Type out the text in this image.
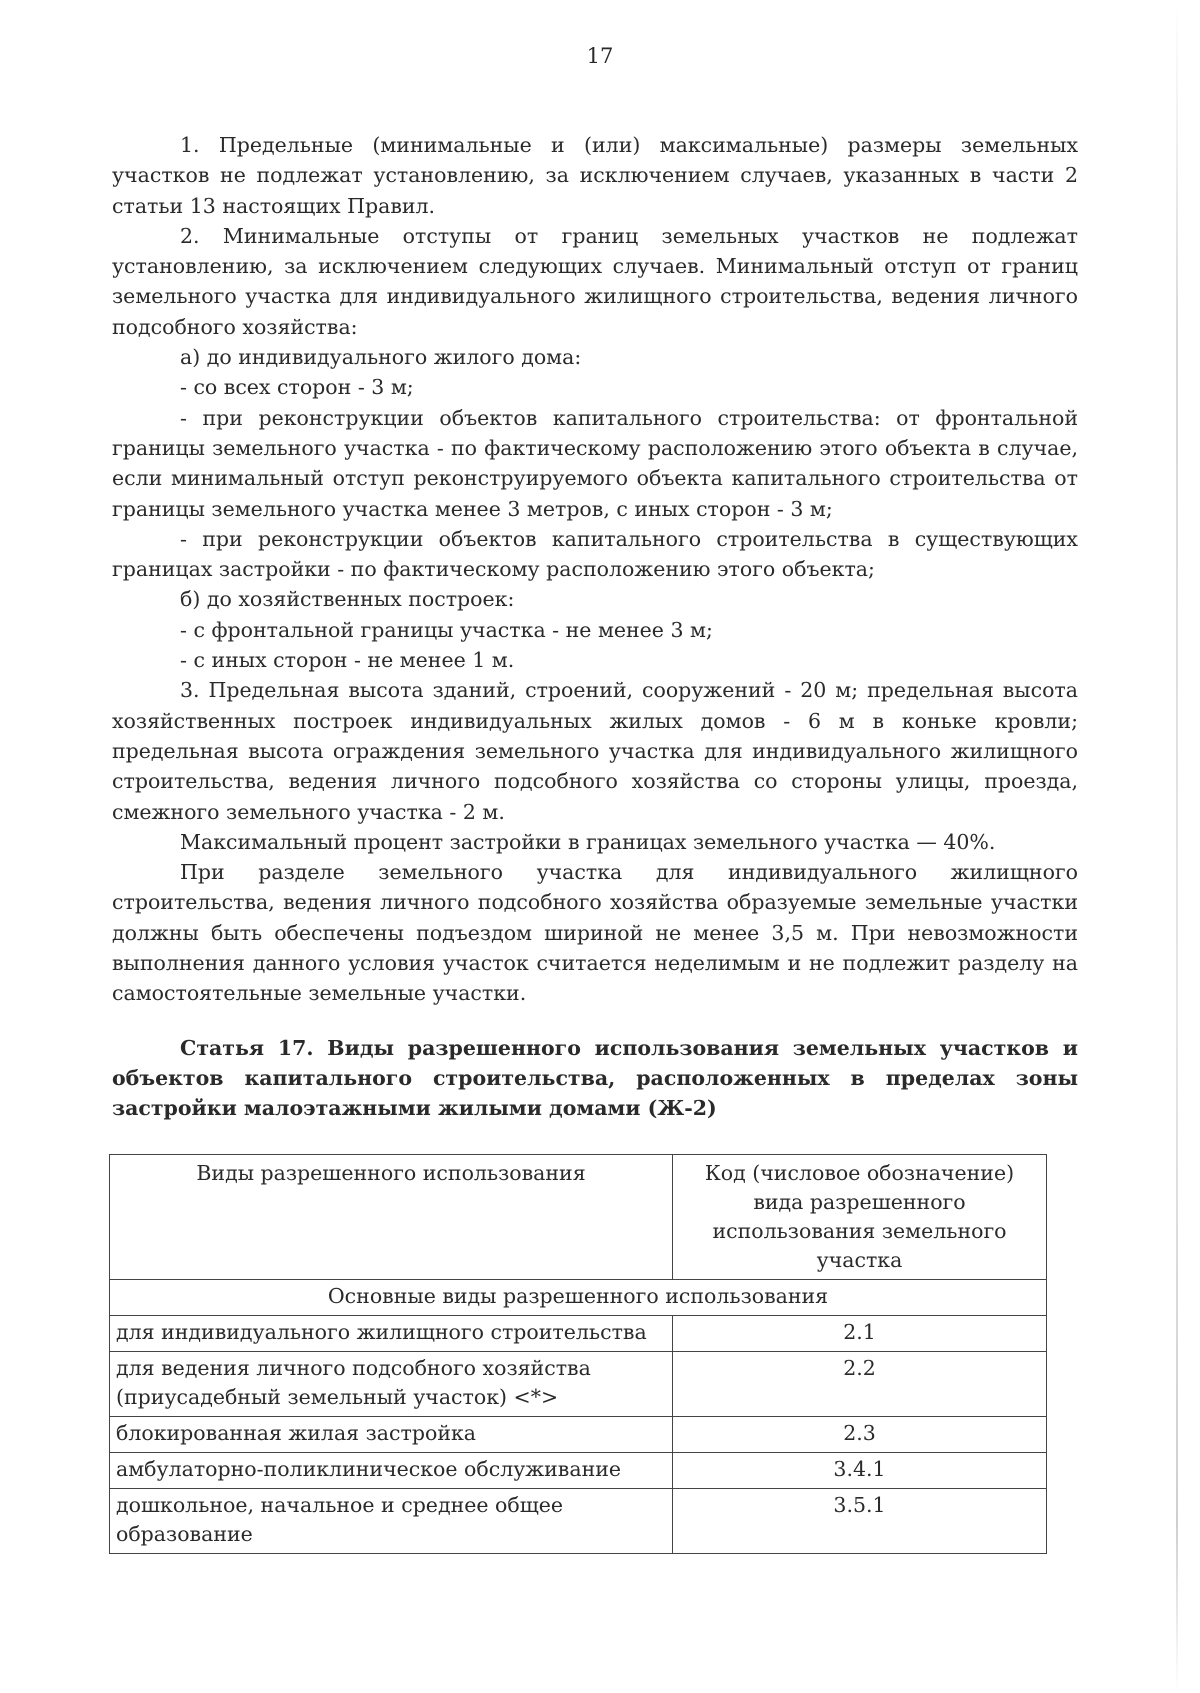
17

1. Предельные (минимальные и (или) максимальные) размеры земельных участков не подлежат установлению, за исключением случаев, указанных в части 2 статьи 13 настоящих Правил.

2. Минимальные отступы от границ земельных участков не подлежат установлению, за исключением следующих случаев. Минимальный отступ от границ земельного участка для индивидуального жилищного строительства, ведения личного подсобного хозяйства:

а) до индивидуального жилого дома:

- со всех сторон - 3 м;

- при реконструкции объектов капитального строительства: от фронтальной границы земельного участка - по фактическому расположению этого объекта в случае, если минимальный отступ реконструируемого объекта капитального строительства от границы земельного участка менее 3 метров, с иных сторон - 3 м;

- при реконструкции объектов капитального строительства в существующих границах застройки - по фактическому расположению этого объекта;

б) до хозяйственных построек:

- с фронтальной границы участка - не менее 3 м;

- с иных сторон - не менее 1 м.

3. Предельная высота зданий, строений, сооружений - 20 м; предельная высота хозяйственных построек индивидуальных жилых домов - 6 м в коньке кровли; предельная высота ограждения земельного участка для индивидуального жилищного строительства, ведения личного подсобного хозяйства со стороны улицы, проезда, смежного земельного участка - 2 м.

Максимальный процент застройки в границах земельного участка — 40%.

При разделе земельного участка для индивидуального жилищного строительства, ведения личного подсобного хозяйства образуемые земельные участки должны быть обеспечены подъездом шириной не менее 3,5 м. При невозможности выполнения данного условия участок считается неделимым и не подлежит разделу на самостоятельные земельные участки.

Статья 17. Виды разрешенного использования земельных участков и объектов капитального строительства, расположенных в пределах зоны застройки малоэтажными жилыми домами (Ж-2)

Виды разрешенного использования	Код (числовое обозначение) вида разрешенного использования земельного участка
Основные виды разрешенного использования	
для индивидуального жилищного строительства	2.1
для ведения личного подсобного хозяйства (приусадебный земельный участок) <*>	2.2
блокированная жилая застройка	2.3
амбулаторно-поликлиническое обслуживание	3.4.1
дошкольное, начальное и среднее общее образование	3.5.1
